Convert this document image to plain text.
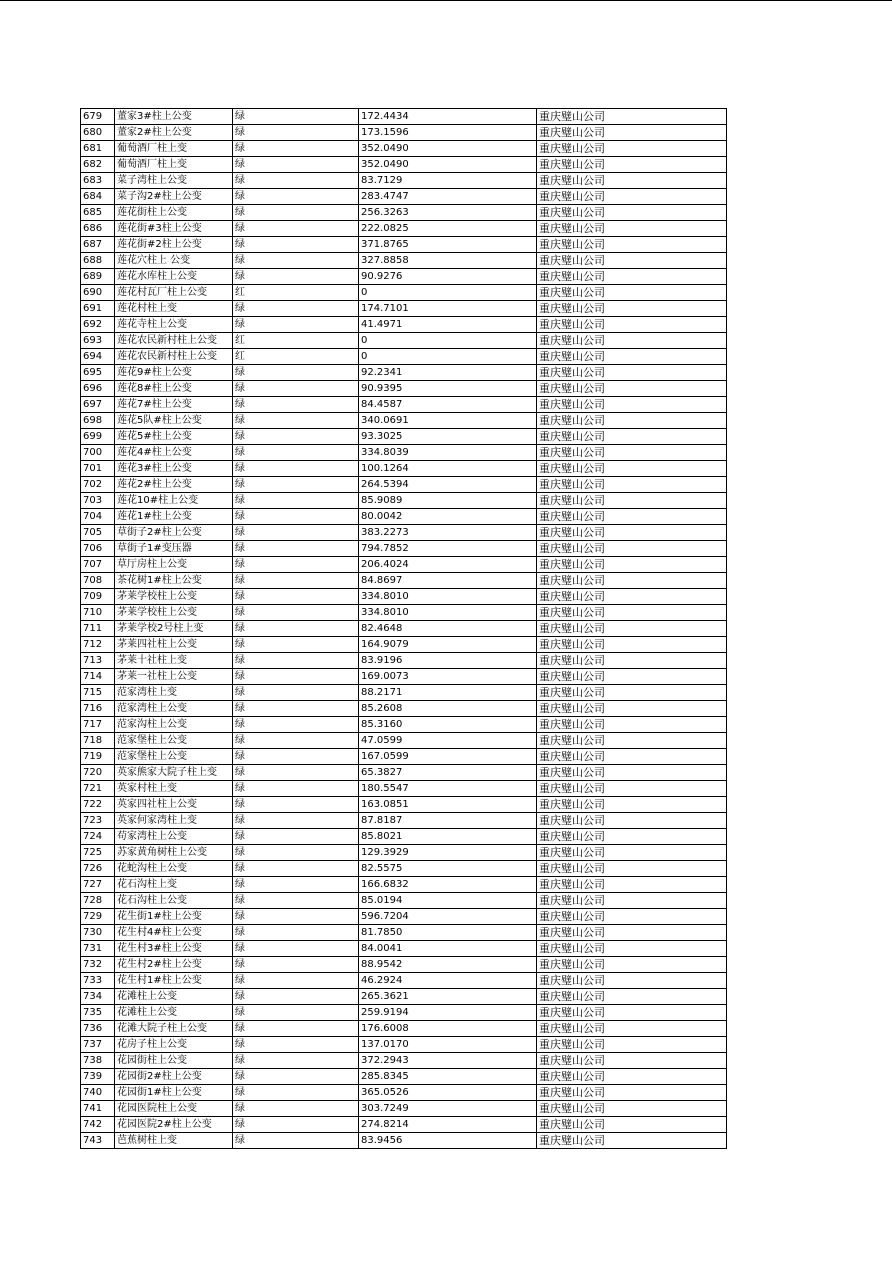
679	董家3#柱上公变	绿	172.4434	重庆璧山公司
680	董家2#柱上公变	绿	173.1596	重庆璧山公司
681	葡萄酒厂柱上变	绿	352.0490	重庆璧山公司
682	葡萄酒厂柱上变	绿	352.0490	重庆璧山公司
683	菜子湾柱上公变	绿	83.7129	重庆璧山公司
684	菜子沟2#柱上公变	绿	283.4747	重庆璧山公司
685	莲花街柱上公变	绿	256.3263	重庆璧山公司
686	莲花街#3柱上公变	绿	222.0825	重庆璧山公司
687	莲花街#2柱上公变	绿	371.8765	重庆璧山公司
688	莲花穴柱上 公变	绿	327.8858	重庆璧山公司
689	莲花水库柱上公变	绿	90.9276	重庆璧山公司
690	莲花村瓦厂柱上公变	红	0	重庆璧山公司
691	莲花村柱上变	绿	174.7101	重庆璧山公司
692	莲花寺柱上公变	绿	41.4971	重庆璧山公司
693	莲花农民新村柱上公变	红	0	重庆璧山公司
694	莲花农民新村柱上公变	红	0	重庆璧山公司
695	莲花9#柱上公变	绿	92.2341	重庆璧山公司
696	莲花8#柱上公变	绿	90.9395	重庆璧山公司
697	莲花7#柱上公变	绿	84.4587	重庆璧山公司
698	莲花5队#柱上公变	绿	340.0691	重庆璧山公司
699	莲花5#柱上公变	绿	93.3025	重庆璧山公司
700	莲花4#柱上公变	绿	334.8039	重庆璧山公司
701	莲花3#柱上公变	绿	100.1264	重庆璧山公司
702	莲花2#柱上公变	绿	264.5394	重庆璧山公司
703	莲花10#柱上公变	绿	85.9089	重庆璧山公司
704	莲花1#柱上公变	绿	80.0042	重庆璧山公司
705	草街子2#柱上公变	绿	383.2273	重庆璧山公司
706	草街子1#变压器	绿	794.7852	重庆璧山公司
707	草厅房柱上公变	绿	206.4024	重庆璧山公司
708	茶花树1#柱上公变	绿	84.8697	重庆璧山公司
709	茅莱学校柱上公变	绿	334.8010	重庆璧山公司
710	茅莱学校柱上公变	绿	334.8010	重庆璧山公司
711	茅莱学校2号柱上变	绿	82.4648	重庆璧山公司
712	茅莱四社柱上公变	绿	164.9079	重庆璧山公司
713	茅莱十社柱上变	绿	83.9196	重庆璧山公司
714	茅莱一社柱上公变	绿	169.0073	重庆璧山公司
715	范家湾柱上变	绿	88.2171	重庆璧山公司
716	范家湾柱上公变	绿	85.2608	重庆璧山公司
717	范家沟柱上公变	绿	85.3160	重庆璧山公司
718	范家堡柱上公变	绿	47.0599	重庆璧山公司
719	范家堡柱上公变	绿	167.0599	重庆璧山公司
720	英家熊家大院子柱上变	绿	65.3827	重庆璧山公司
721	英家村柱上变	绿	180.5547	重庆璧山公司
722	英家四社柱上公变	绿	163.0851	重庆璧山公司
723	英家何家湾柱上变	绿	87.8187	重庆璧山公司
724	苟家湾柱上公变	绿	85.8021	重庆璧山公司
725	苏家黄角树柱上公变	绿	129.3929	重庆璧山公司
726	花蛇沟柱上公变	绿	82.5575	重庆璧山公司
727	花石沟柱上变	绿	166.6832	重庆璧山公司
728	花石沟柱上公变	绿	85.0194	重庆璧山公司
729	花生街1#柱上公变	绿	596.7204	重庆璧山公司
730	花生村4#柱上公变	绿	81.7850	重庆璧山公司
731	花生村3#柱上公变	绿	84.0041	重庆璧山公司
732	花生村2#柱上公变	绿	88.9542	重庆璧山公司
733	花生村1#柱上公变	绿	46.2924	重庆璧山公司
734	花滩柱上公变	绿	265.3621	重庆璧山公司
735	花滩柱上公变	绿	259.9194	重庆璧山公司
736	花滩大院子柱上公变	绿	176.6008	重庆璧山公司
737	花房子柱上公变	绿	137.0170	重庆璧山公司
738	花园街柱上公变	绿	372.2943	重庆璧山公司
739	花园街2#柱上公变	绿	285.8345	重庆璧山公司
740	花园街1#柱上公变	绿	365.0526	重庆璧山公司
741	花园医院柱上公变	绿	303.7249	重庆璧山公司
742	花园医院2#柱上公变	绿	274.8214	重庆璧山公司
743	芭蕉树柱上变	绿	83.9456	重庆璧山公司
